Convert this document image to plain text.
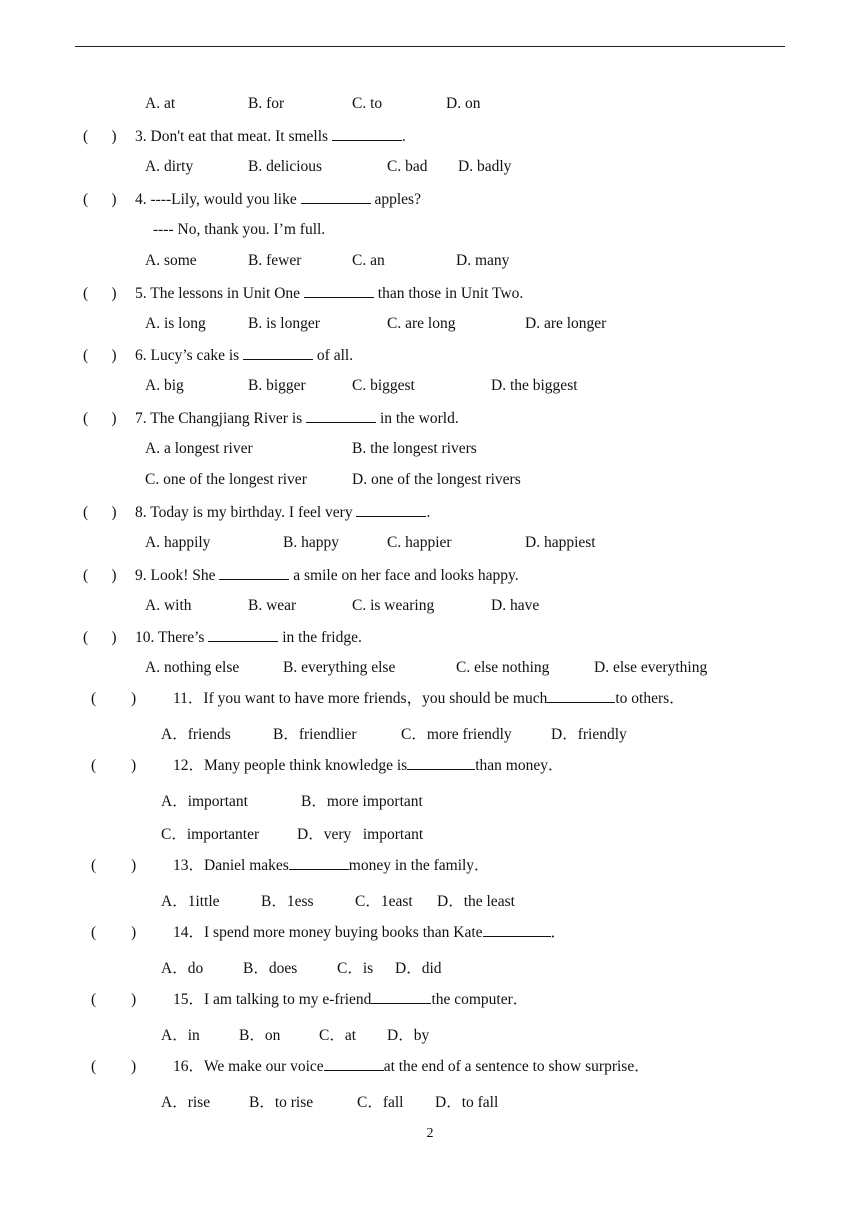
A. at	B. for	C. to	D. on
(      ) 3. Don't eat that meat. It smells	.
A. dirty	B. delicious	C. bad D. badly
(      ) 4. ----Lily, would you like	apples?
---- No, thank you. I’m full.
A. some	B. fewer	C. an	D. many
(      ) 5. The lessons in Unit One	than those in Unit Two.
A. is long	B. is longer	C. are long	D. are longer
(      ) 6. Lucy’s cake is	of all.
A. big	B. bigger	C. biggest	D. the biggest
(      ) 7. The Changjiang River is	in the world.
A. a longest river	B. the longest rivers
C. one of the longest river	D. one of the longest rivers
(      ) 8. Today is my birthday. I feel very	.
A. happily	B. happy	C. happier	D. happiest
(      ) 9. Look! She	a smile on her face and looks happy.
A. with	B. wear	C. is wearing	D. have
(      ) 10. There’s	in the fridge.
A. nothing else	B. everything else	C. else nothing	D. else everything
(         ) 11．If you want to have more friends，you should be much	to others．
A．friends	B．friendlier	C．more friendly	D．friendly
(         ) 12．Many people think knowledge is	than money．
A．important	B．more important
C．importanter D．very   important
(         ) 13．Daniel makes	money in the family．
A．1ittle	B．1ess	C．1east D．the least
(         ) 14．I spend more money buying books than Kate	．
A．do	B．does	C．is D．did
(         ) 15．I am talking to my e-friend	the computer．
A．in	B．on C．at D．by
(         ) 16．We make our voice	at the end of a sentence to show surprise．
A．rise	B．to rise	C．fall D．to fall
2
